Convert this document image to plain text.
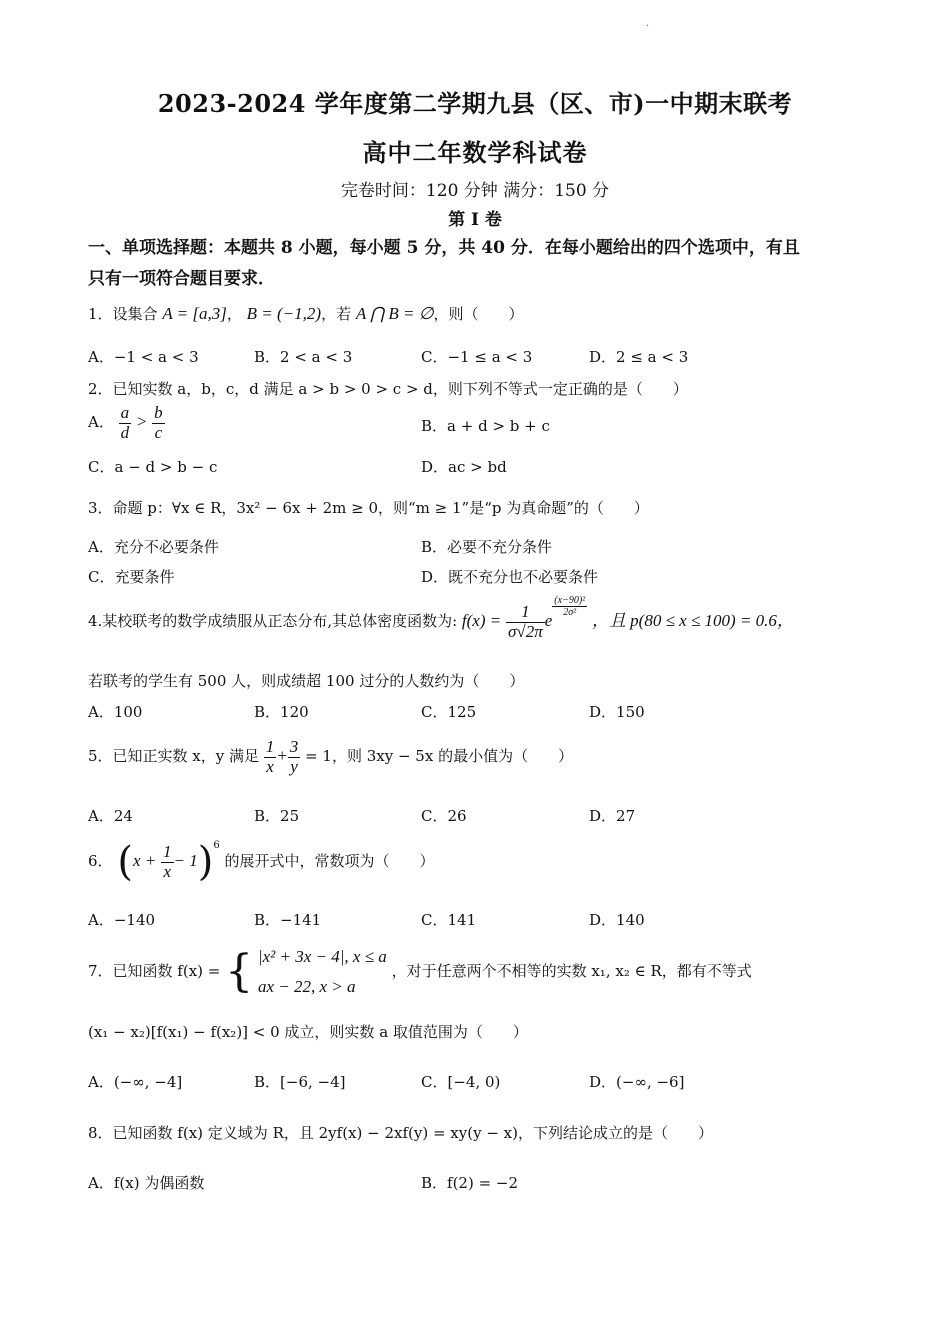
.
2023-2024 学年度第二学期九县（区、市)一中期末联考
高中二年数学科试卷
完卷时间：120 分钟 满分：150 分
第 I 卷
一、单项选择题：本题共 8 小题，每小题 5 分，共 40 分．在每小题给出的四个选项中，有且
只有一项符合题目要求．
1．设集合 A = [a,3]， B = (−1,2)，若 A ⋂ B = ∅，则（　　）
A．−1 < a < 3	B．2 < a < 3	C．−1 ≤ a < 3	D．2 ≤ a < 3
2．已知实数 a，b，c，d 满足 a > b > 0 > c > d，则下列不等式一定正确的是（　　）
A． $\frac{a}{d} > \frac{b}{c}$	B．a + d > b + c
C．a − d > b − c	D．ac > bd
3．命题 p：∀x ∈ R，3x² − 6x + 2m ≥ 0，则“m ≥ 1”是“p 为真命题”的（　　）
A．充分不必要条件	B．必要不充分条件
C．充要条件	D．既不充分也不必要条件
4.某校联考的数学成绩服从正态分布,其总体密度函数为: $f(x) = \frac{1}{\sigma√2\pi}$ e
$\frac{\text{(x−90)²}}{\text{2σ²}}$
，且 p(80 ≤ x ≤ 100) = 0.6，
若联考的学生有 500 人，则成绩超 100 过分的人数约为（　　）
A．100	B．120	C．125	D．150
5．已知正实数 x，y 满足 $\frac{1}{x} + \frac{3}{y} = 1$，则 3xy − 5x 的最小值为（　　）
A．24	B．25	C．26	D．27
6． $(x + \frac{1}{x} - 1)^6$ 的展开式中，常数项为（　　）
A．−140	B．−141	C．141	D．140
7．已知函数 f(x) = { |x² + 3x − 4|, x ≤ a
ax − 22, x > a
，对于任意两个不相等的实数 x₁, x₂ ∈ R，都有不等式
(x₁ − x₂)[f(x₁) − f(x₂)] < 0 成立，则实数 a 取值范围为（　　）
A．(−∞, −4]	B．[−6, −4]	C．[−4, 0)	D．(−∞, −6]
8．已知函数 f(x) 定义域为 R，且 2yf(x) − 2xf(y) = xy(y − x)，下列结论成立的是（　　）
A．f(x) 为偶函数	B．f(2) = −2
